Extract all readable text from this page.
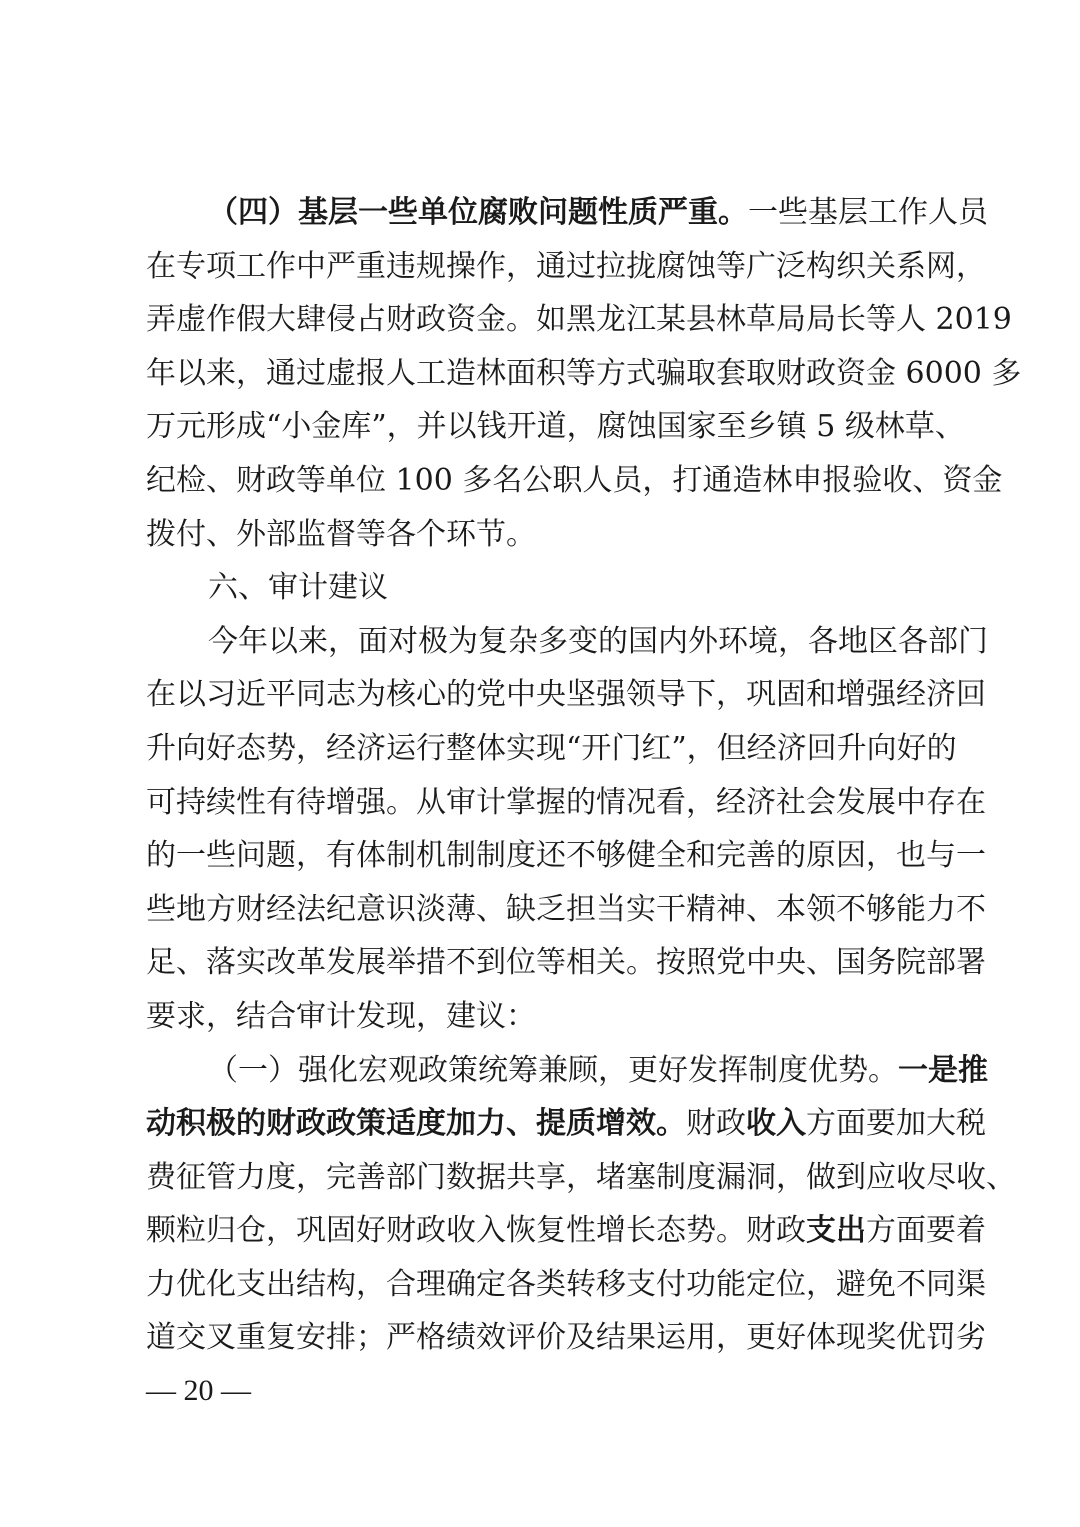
（四）基层一些单位腐败问题性质严重。一些基层工作人员
在专项工作中严重违规操作，通过拉拢腐蚀等广泛构织关系网，
弄虚作假大肆侵占财政资金。如黑龙江某县林草局局长等人 2019
年以来，通过虚报人工造林面积等方式骗取套取财政资金 6000 多
万元形成“小金库”，并以钱开道，腐蚀国家至乡镇 5 级林草、
纪检、财政等单位 100 多名公职人员，打通造林申报验收、资金
拨付、外部监督等各个环节。
六、审计建议
今年以来，面对极为复杂多变的国内外环境，各地区各部门
在以习近平同志为核心的党中央坚强领导下，巩固和增强经济回
升向好态势，经济运行整体实现“开门红”，但经济回升向好的
可持续性有待增强。从审计掌握的情况看，经济社会发展中存在
的一些问题，有体制机制制度还不够健全和完善的原因，也与一
些地方财经法纪意识淡薄、缺乏担当实干精神、本领不够能力不
足、落实改革发展举措不到位等相关。按照党中央、国务院部署
要求，结合审计发现，建议：
（一）强化宏观政策统筹兼顾，更好发挥制度优势。一是推
动积极的财政政策适度加力、提质增效。财政收入方面要加大税
费征管力度，完善部门数据共享，堵塞制度漏洞，做到应收尽收、
颗粒归仓，巩固好财政收入恢复性增长态势。财政支出方面要着
力优化支出结构，合理确定各类转移支付功能定位，避免不同渠
道交叉重复安排；严格绩效评价及结果运用，更好体现奖优罚劣
— 20 —
